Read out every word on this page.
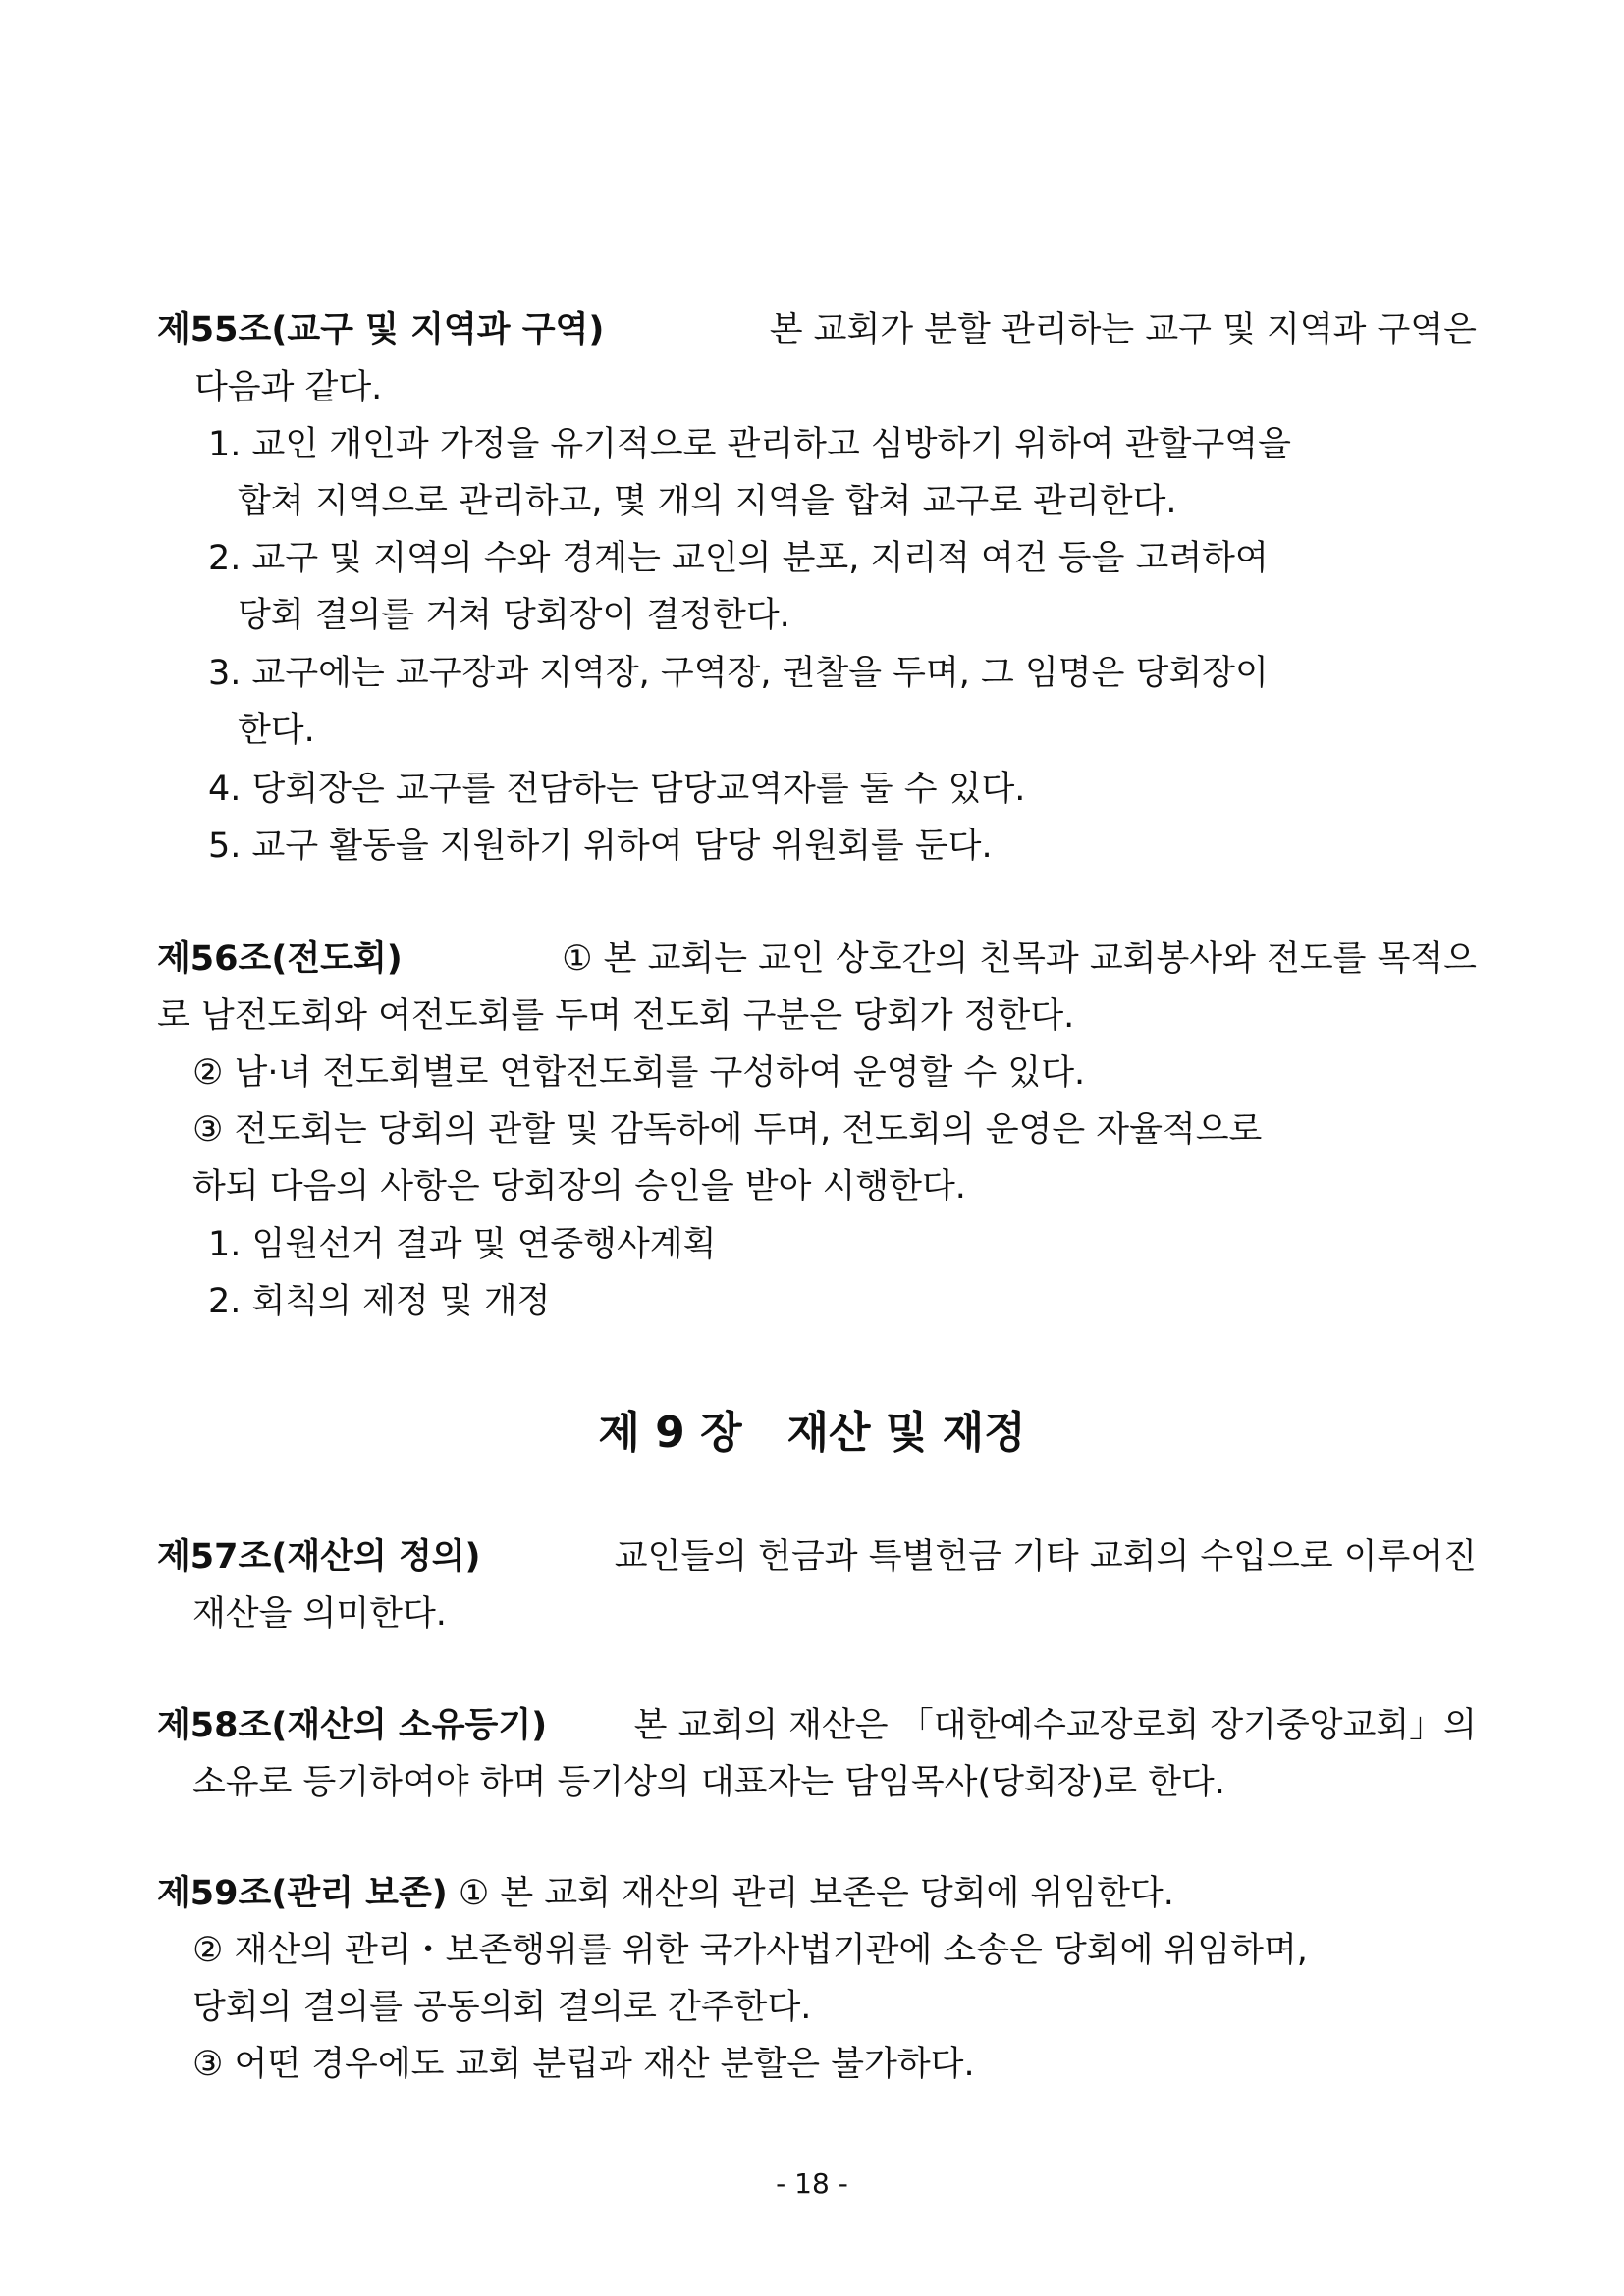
제55조(교구 및 지역과 구역)	본 교회가 분할 관리하는 교구 및 지역과 구역은
다음과 같다.
1. 교인 개인과 가정을 유기적으로 관리하고 심방하기 위하여 관할구역을
합쳐 지역으로 관리하고, 몇 개의 지역을 합쳐 교구로 관리한다.
2. 교구 및 지역의 수와 경계는 교인의 분포, 지리적 여건 등을 고려하여
당회 결의를 거쳐 당회장이 결정한다.
3. 교구에는 교구장과 지역장, 구역장, 권찰을 두며, 그 임명은 당회장이
한다.
4. 당회장은 교구를 전담하는 담당교역자를 둘 수 있다.
5. 교구 활동을 지원하기 위하여 담당 위원회를 둔다.
제56조(전도회)	① 본 교회는 교인 상호간의 친목과 교회봉사와 전도를 목적으
로 남전도회와 여전도회를 두며 전도회 구분은 당회가 정한다.
② 남·녀 전도회별로 연합전도회를 구성하여 운영할 수 있다.
③ 전도회는 당회의 관할 및 감독하에 두며, 전도회의 운영은 자율적으로
하되 다음의 사항은 당회장의 승인을 받아 시행한다.
1. 임원선거 결과 및 연중행사계획
2. 회칙의 제정 및 개정
제 9 장   재산 및 재정
제57조(재산의 정의)	교인들의 헌금과 특별헌금 기타 교회의 수입으로 이루어진
재산을 의미한다.
제58조(재산의 소유등기)	본 교회의 재산은 「대한예수교장로회 장기중앙교회」의
소유로 등기하여야 하며 등기상의 대표자는 담임목사(당회장)로 한다.
제59조(관리 보존) ① 본 교회 재산의 관리 보존은 당회에 위임한다.
② 재산의 관리・보존행위를 위한 국가사법기관에 소송은 당회에 위임하며,
당회의 결의를 공동의회 결의로 간주한다.
③ 어떤 경우에도 교회 분립과 재산 분할은 불가하다.
- 18 -
